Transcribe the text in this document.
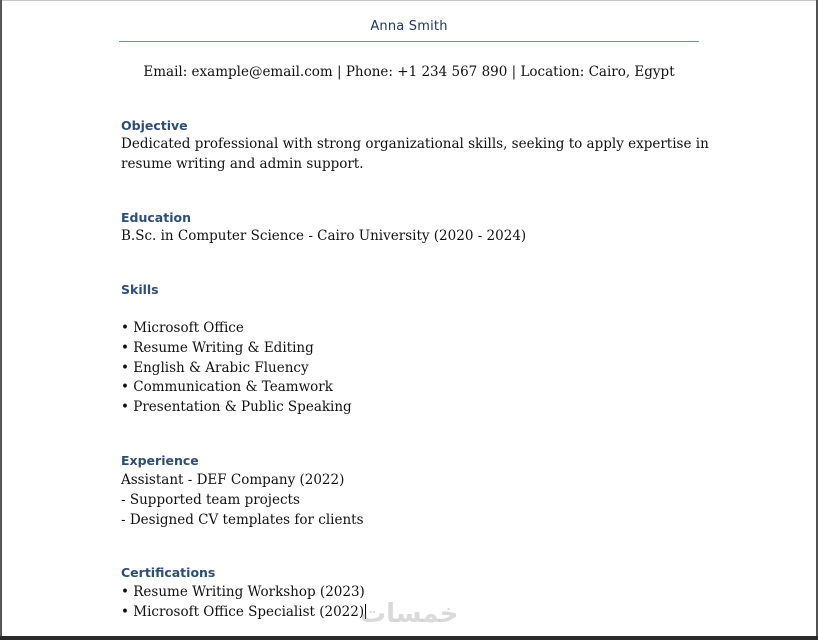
Anna Smith
Email: example@email.com | Phone: +1 234 567 890 | Location: Cairo, Egypt
Objective
Dedicated professional with strong organizational skills, seeking to apply expertise in
resume writing and admin support.
Education
B.Sc. in Computer Science - Cairo University (2020 - 2024)
Skills
• Microsoft Office
• Resume Writing & Editing
• English & Arabic Fluency
• Communication & Teamwork
• Presentation & Public Speaking
Experience
Assistant - DEF Company (2022)
- Supported team projects
- Designed CV templates for clients
Certifications
• Resume Writing Workshop (2023)
• Microsoft Office Specialist (2022)
خمسات
